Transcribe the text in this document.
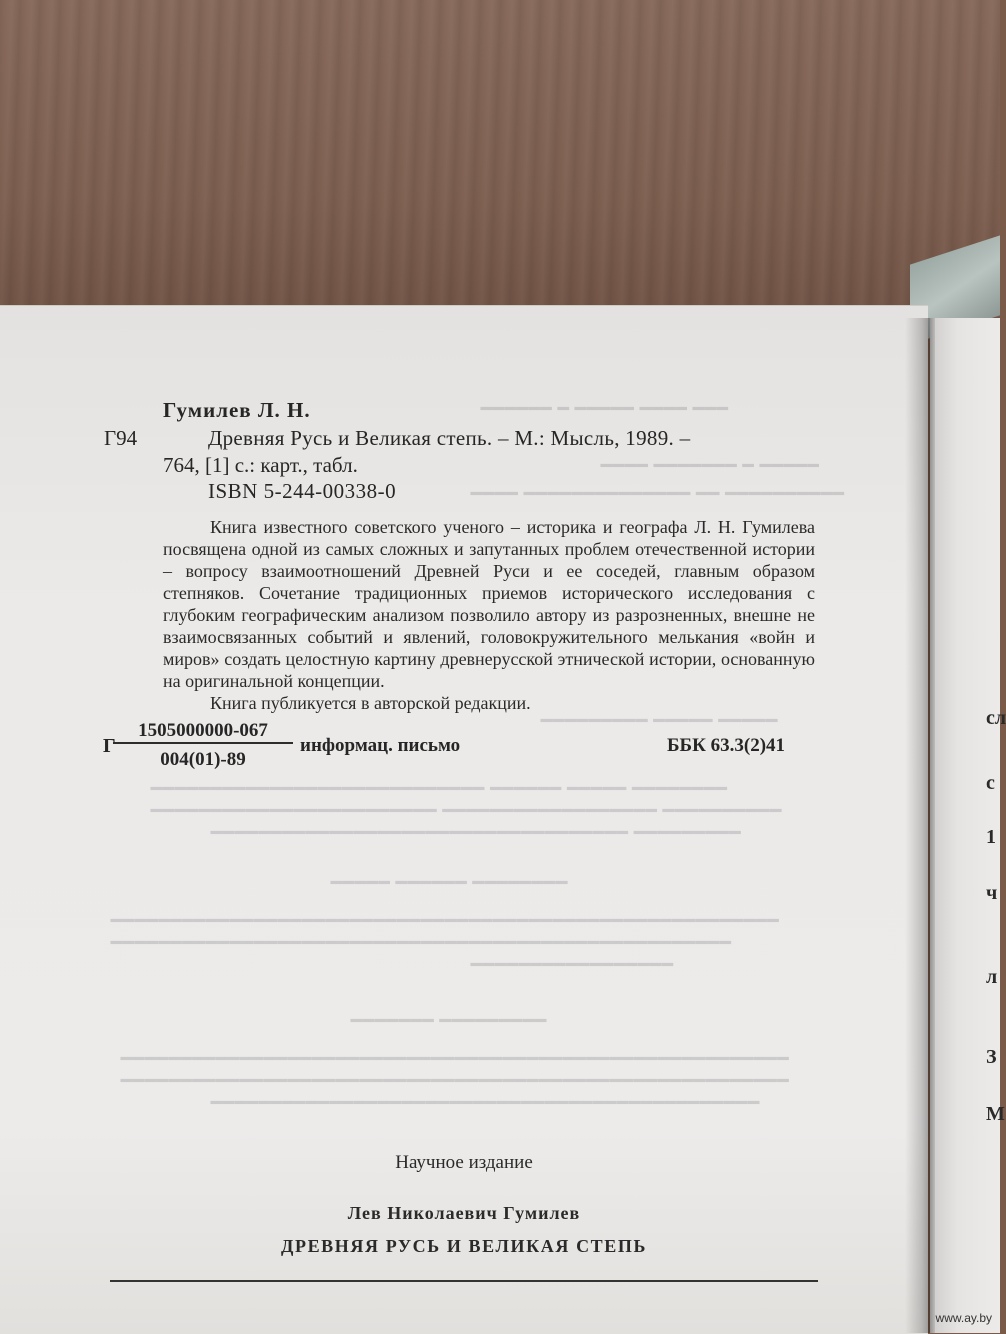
сл
с
1
ч
л
З
М
━━━ ━━━━ ━━━━━ ━ ━━━━━━
━━━━━ ━ ━━━━━━━ ━━━━
━━━━━━━━━━ ━━ ━━━━━━━━━━━━━━ ━━━━
━━━━━ ━━━━━ ━━━━━━━━━
━━━━━━━━ ━━━━━ ━━━━━━ ━━━━━━━━━━━━━━━━━━━━━━━━━━━━
━━━━━━━━━━ ━━━━━━━━━━━━━━━━━━ ━━━━━━━━━━━━━━━━━━━━━━━━
━━━━━━━━━ ━━━━━━━━━━━━━━━━━━━━━━━━━━━━━━━━━━━
━━━━━━━━ ━━━━━━ ━━━━━
━━━━━━━━━━━━━━━━━━━━━━━━━━━━━━━━━━━━━━━━━━━━━━━━━━━━━━━━
━━━━━━━━━━━━━━━━━━━━━━━━━━━━━━━━━━━━━━━━━━━━━━━━━━━━
━━━━━━━━━━━━━━━━━
━━━━━━━━━ ━━━━━━━
━━━━━━━━━━━━━━━━━━━━━━━━━━━━━━━━━━━━━━━━━━━━━━━━━━━━━━━━
━━━━━━━━━━━━━━━━━━━━━━━━━━━━━━━━━━━━━━━━━━━━━━━━━━━━━━━━
━━━━━━━━━━━━━━━━━━━━━━━━━━━━━━━━━━━━━━━━━━━━━━
Гумилев Л. Н.
Г94	Древняя Русь и Великая степь. – М.: Мысль, 1989. –
764, [1] с.: карт., табл.
ISBN 5-244-00338-0

Книга известного советского ученого – историка и географа Л. Н. Гумилева посвящена одной из самых сложных и запутанных проблем отечественной истории – вопросу взаимоотношений Древней Руси и ее соседей, главным образом степняков. Сочетание традиционных приемов исторического исследования с глубоким географическим анализом позволило автору из разрозненных, внешне не взаимосвязанных событий и явлений, головокружительного мелькания «войн и миров» создать целостную картину древнерусской этнической истории, основанную на оригинальной концепции.

Книга публикуется в авторской редакции.

Г
1505000000-067
004(01)-89
информац. письмо	ББК 63.3(2)41
Научное издание
Лев Николаевич Гумилев
ДРЕВНЯЯ РУСЬ И ВЕЛИКАЯ СТЕПЬ
www.ay.by
